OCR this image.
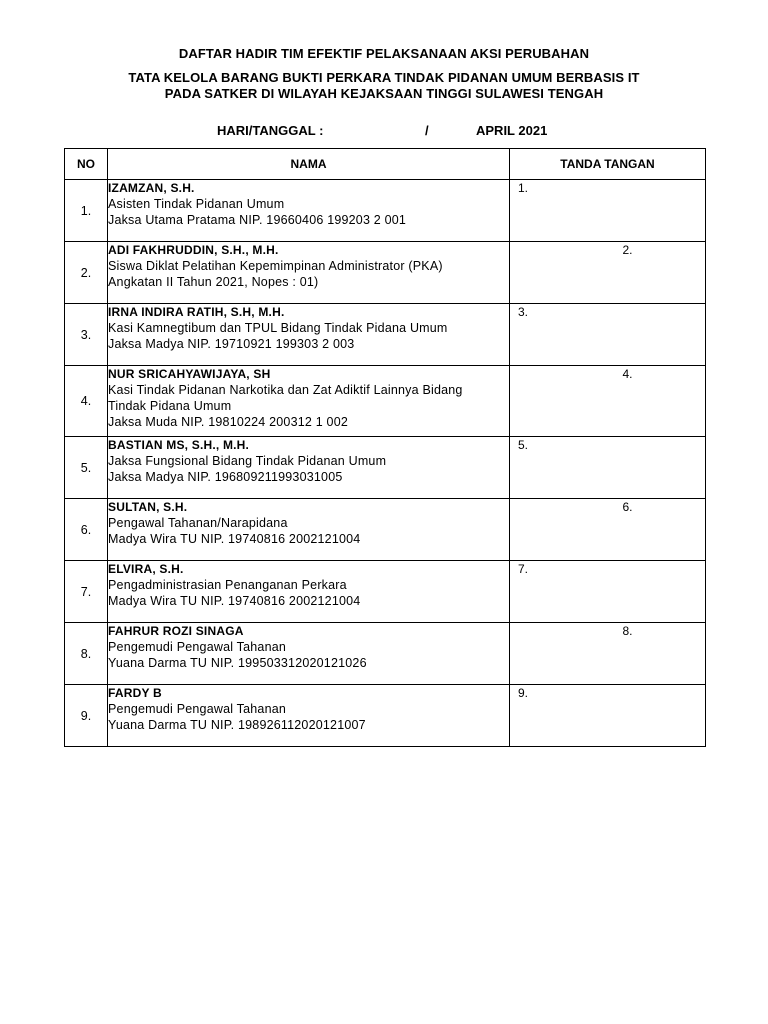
DAFTAR HADIR TIM EFEKTIF PELAKSANAAN AKSI PERUBAHAN
TATA KELOLA BARANG BUKTI PERKARA TINDAK PIDANAN UMUM BERBASIS IT
PADA SATKER DI WILAYAH KEJAKSAAN TINGGI SULAWESI TENGAH
HARI/TANGGAL :	/	APRIL 2021
NO	NAMA	TANDA TANGAN
1.	IZAMZAN, S.H.
Asisten Tindak Pidanan Umum
Jaksa Utama Pratama NIP. 19660406 199203 2 001	1.
2.	ADI FAKHRUDDIN, S.H., M.H.
Siswa Diklat Pelatihan Kepemimpinan Administrator (PKA)
Angkatan II Tahun 2021, Nopes : 01)	2.
3.	IRNA INDIRA RATIH, S.H, M.H.
Kasi Kamnegtibum dan TPUL Bidang Tindak Pidana Umum
Jaksa Madya NIP. 19710921 199303 2 003	3.
4.	NUR SRICAHYAWIJAYA, SH
Kasi Tindak Pidanan Narkotika dan Zat Adiktif Lainnya Bidang
Tindak Pidana Umum
Jaksa Muda NIP. 19810224 200312 1 002	4.
5.	BASTIAN MS, S.H., M.H.
Jaksa Fungsional Bidang Tindak Pidanan Umum
Jaksa Madya NIP. 196809211993031005	5.
6.	SULTAN, S.H.
Pengawal Tahanan/Narapidana
Madya Wira TU NIP. 19740816 2002121004	6.
7.	ELVIRA, S.H.
Pengadministrasian Penanganan Perkara
Madya Wira TU NIP. 19740816 2002121004	7.
8.	FAHRUR ROZI SINAGA
Pengemudi Pengawal Tahanan
Yuana Darma TU NIP. 199503312020121026	8.
9.	FARDY B
Pengemudi Pengawal Tahanan
Yuana Darma TU NIP. 198926112020121007	9.
